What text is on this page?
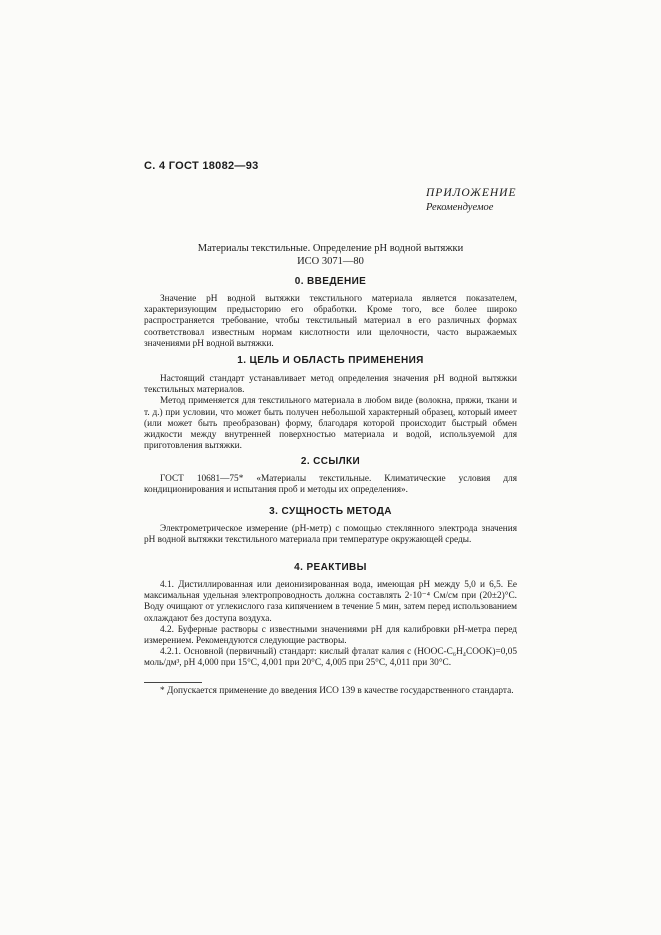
С. 4 ГОСТ 18082—93
ПРИЛОЖЕНИЕ
Рекомендуемое
Материалы текстильные. Определение pH водной вытяжки
ИСО 3071—80
0. ВВЕДЕНИЕ

Значение pH водной вытяжки текстильного материала является показателем, характеризующим предысторию его обработки. Кроме того, все более широко распространяется требование, чтобы текстильный материал в его различных формах соответствовал известным нормам кислотности или щелочности, часто выражаемых значениями pH водной вытяжки.

1. ЦЕЛЬ И ОБЛАСТЬ ПРИМЕНЕНИЯ

Настоящий стандарт устанавливает метод определения значения pH водной вытяжки текстильных материалов.

Метод применяется для текстильного материала в любом виде (волокна, пряжи, ткани и т. д.) при условии, что может быть получен небольшой характерный образец, который имеет (или может быть преобразован) форму, благодаря которой происходит быстрый обмен жидкости между внутренней поверхностью материала и водой, используемой для приготовления вытяжки.

2. ССЫЛКИ

ГОСТ 10681—75* «Материалы текстильные. Климатические условия для кондиционирования и испытания проб и методы их определения».

3. СУЩНОСТЬ МЕТОДА

Электрометрическое измерение (pH-метр) с помощью стеклянного электрода значения pH водной вытяжки текстильного материала при температуре окружающей среды.

4. РЕАКТИВЫ

4.1. Дистиллированная или деионизированная вода, имеющая pH между 5,0 и 6,5. Ее максимальная удельная электропроводность должна составлять 2·10⁻⁴ См/см при (20±2)°С. Воду очищают от углекислого газа кипячением в течение 5 мин, затем перед использованием охлаждают без доступа воздуха.

4.2. Буферные растворы с известными значениями pH для калибровки pH-метра перед измерением. Рекомендуются следующие растворы.

4.2.1. Основной (первичный) стандарт: кислый фталат калия c (HOOC-C₆H₄COOK)=0,05 моль/дм³, pH 4,000 при 15°С, 4,001 при 20°С, 4,005 при 25°С, 4,011 при 30°С.

* Допускается применение до введения ИСО 139 в качестве государственного стандарта.
